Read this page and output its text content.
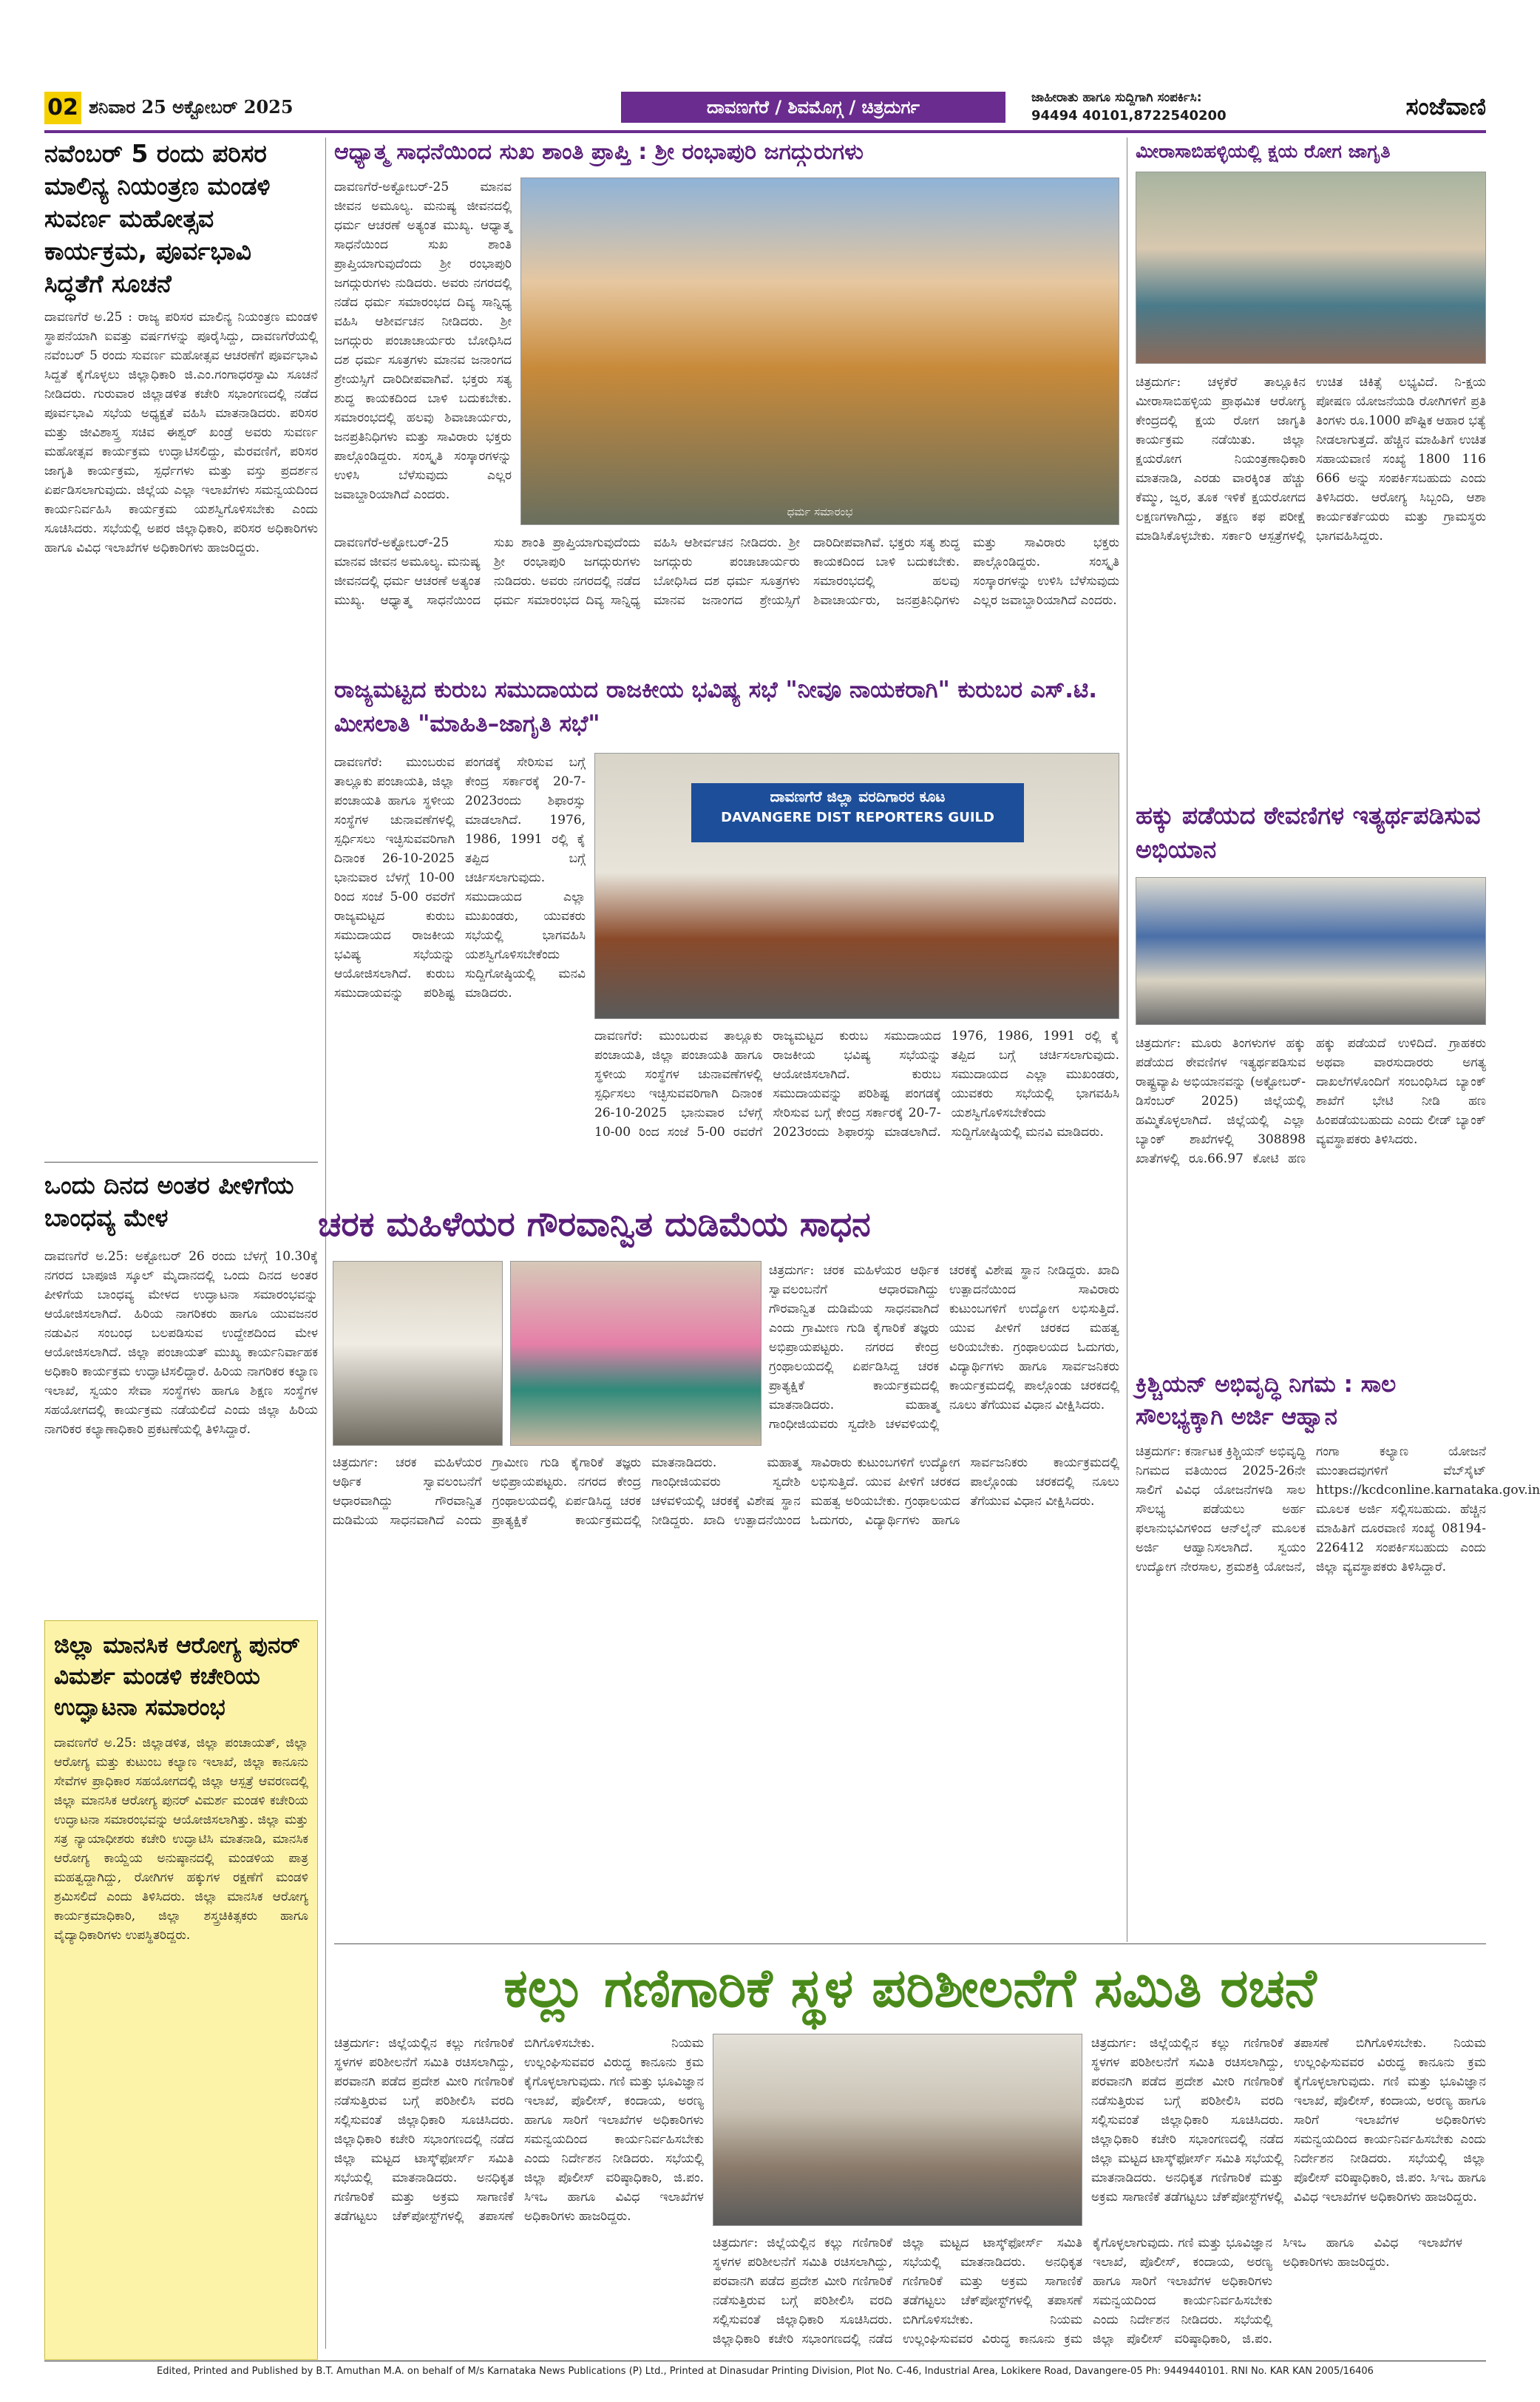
02 ಶನಿವಾರ 25 ಅಕ್ಟೋಬರ್ 2025	ದಾವಣಗೆರೆ / ಶಿವಮೊಗ್ಗ / ಚಿತ್ರದುರ್ಗ	ಜಾಹೀರಾತು ಹಾಗೂ ಸುದ್ದಿಗಾಗಿ ಸಂಪರ್ಕಿಸಿ:
94494 40101,8722540200	ಸಂಜೆವಾಣಿ
ನವೆಂಬರ್ 5 ರಂದು ಪರಿಸರ ಮಾಲಿನ್ಯ ನಿಯಂತ್ರಣ ಮಂಡಳಿ ಸುವರ್ಣ ಮಹೋತ್ಸವ ಕಾರ್ಯಕ್ರಮ, ಪೂರ್ವಭಾವಿ ಸಿದ್ಧತೆಗೆ ಸೂಚನೆ
ದಾವಣಗೆರೆ ಅ.25 : ರಾಜ್ಯ ಪರಿಸರ ಮಾಲಿನ್ಯ ನಿಯಂತ್ರಣ ಮಂಡಳಿ ಸ್ಥಾಪನೆಯಾಗಿ ಐವತ್ತು ವರ್ಷಗಳನ್ನು ಪೂರೈಸಿದ್ದು, ದಾವಣಗೆರೆಯಲ್ಲಿ ನವೆಂಬರ್ 5 ರಂದು ಸುವರ್ಣ ಮಹೋತ್ಸವ ಆಚರಣೆಗೆ ಪೂರ್ವಭಾವಿ ಸಿದ್ದತೆ ಕೈಗೊಳ್ಳಲು ಜಿಲ್ಲಾಧಿಕಾರಿ ಜಿ.ಎಂ.ಗಂಗಾಧರಸ್ವಾಮಿ ಸೂಚನೆ ನೀಡಿದರು. ಗುರುವಾರ ಜಿಲ್ಲಾಡಳಿತ ಕಚೇರಿ ಸಭಾಂಗಣದಲ್ಲಿ ನಡೆದ ಪೂರ್ವಭಾವಿ ಸಭೆಯ ಅಧ್ಯಕ್ಷತೆ ವಹಿಸಿ ಮಾತನಾಡಿದರು. ಪರಿಸರ ಮತ್ತು ಜೀವಿಶಾಸ್ತ್ರ ಸಚಿವ ಈಶ್ವರ್ ಖಂಡ್ರೆ ಅವರು ಸುವರ್ಣ ಮಹೋತ್ಸವ ಕಾರ್ಯಕ್ರಮ ಉದ್ಘಾಟಿಸಲಿದ್ದು, ಮೆರವಣಿಗೆ, ಪರಿಸರ ಜಾಗೃತಿ ಕಾರ್ಯಕ್ರಮ, ಸ್ಪರ್ಧೆಗಳು ಮತ್ತು ವಸ್ತು ಪ್ರದರ್ಶನ ಏರ್ಪಡಿಸಲಾಗುವುದು. ಜಿಲ್ಲೆಯ ಎಲ್ಲಾ ಇಲಾಖೆಗಳು ಸಮನ್ವಯದಿಂದ ಕಾರ್ಯನಿರ್ವಹಿಸಿ ಕಾರ್ಯಕ್ರಮ ಯಶಸ್ವಿಗೊಳಿಸಬೇಕು ಎಂದು ಸೂಚಿಸಿದರು. ಸಭೆಯಲ್ಲಿ ಅಪರ ಜಿಲ್ಲಾಧಿಕಾರಿ, ಪರಿಸರ ಅಧಿಕಾರಿಗಳು ಹಾಗೂ ವಿವಿಧ ಇಲಾಖೆಗಳ ಅಧಿಕಾರಿಗಳು ಹಾಜರಿದ್ದರು.
ಒಂದು ದಿನದ ಅಂತರ ಪೀಳಿಗೆಯ ಬಾಂಧವ್ಯ ಮೇಳ
ದಾವಣಗೆರೆ ಅ.25: ಅಕ್ಟೋಬರ್ 26 ರಂದು ಬೆಳಗ್ಗೆ 10.30ಕ್ಕೆ ನಗರದ ಬಾಪೂಜಿ ಸ್ಕೂಲ್ ಮೈದಾನದಲ್ಲಿ ಒಂದು ದಿನದ ಅಂತರ ಪೀಳಿಗೆಯ ಬಾಂಧವ್ಯ ಮೇಳದ ಉದ್ಘಾಟನಾ ಸಮಾರಂಭವನ್ನು ಆಯೋಜಿಸಲಾಗಿದೆ. ಹಿರಿಯ ನಾಗರಿಕರು ಹಾಗೂ ಯುವಜನರ ನಡುವಿನ ಸಂಬಂಧ ಬಲಪಡಿಸುವ ಉದ್ದೇಶದಿಂದ ಮೇಳ ಆಯೋಜಿಸಲಾಗಿದೆ. ಜಿಲ್ಲಾ ಪಂಚಾಯತ್ ಮುಖ್ಯ ಕಾರ್ಯನಿರ್ವಾಹಕ ಅಧಿಕಾರಿ ಕಾರ್ಯಕ್ರಮ ಉದ್ಘಾಟಿಸಲಿದ್ದಾರೆ. ಹಿರಿಯ ನಾಗರಿಕರ ಕಲ್ಯಾಣ ಇಲಾಖೆ, ಸ್ವಯಂ ಸೇವಾ ಸಂಸ್ಥೆಗಳು ಹಾಗೂ ಶಿಕ್ಷಣ ಸಂಸ್ಥೆಗಳ ಸಹಯೋಗದಲ್ಲಿ ಕಾರ್ಯಕ್ರಮ ನಡೆಯಲಿದೆ ಎಂದು ಜಿಲ್ಲಾ ಹಿರಿಯ ನಾಗರಿಕರ ಕಲ್ಯಾಣಾಧಿಕಾರಿ ಪ್ರಕಟಣೆಯಲ್ಲಿ ತಿಳಿಸಿದ್ದಾರೆ.
ಜಿಲ್ಲಾ ಮಾನಸಿಕ ಆರೋಗ್ಯ ಪುನರ್ ವಿಮರ್ಶ ಮಂಡಳಿ ಕಚೇರಿಯ ಉದ್ಘಾಟನಾ ಸಮಾರಂಭ
ದಾವಣಗೆರೆ ಅ.25: ಜಿಲ್ಲಾಡಳಿತ, ಜಿಲ್ಲಾ ಪಂಚಾಯತ್, ಜಿಲ್ಲಾ ಆರೋಗ್ಯ ಮತ್ತು ಕುಟುಂಬ ಕಲ್ಯಾಣ ಇಲಾಖೆ, ಜಿಲ್ಲಾ ಕಾನೂನು ಸೇವೆಗಳ ಪ್ರಾಧಿಕಾರ ಸಹಯೋಗದಲ್ಲಿ ಜಿಲ್ಲಾ ಆಸ್ಪತ್ರೆ ಆವರಣದಲ್ಲಿ ಜಿಲ್ಲಾ ಮಾನಸಿಕ ಆರೋಗ್ಯ ಪುನರ್ ವಿಮರ್ಶ ಮಂಡಳಿ ಕಚೇರಿಯ ಉದ್ಘಾಟನಾ ಸಮಾರಂಭವನ್ನು ಆಯೋಜಿಸಲಾಗಿತ್ತು. ಜಿಲ್ಲಾ ಮತ್ತು ಸತ್ರ ನ್ಯಾಯಾಧೀಶರು ಕಚೇರಿ ಉದ್ಘಾಟಿಸಿ ಮಾತನಾಡಿ, ಮಾನಸಿಕ ಆರೋಗ್ಯ ಕಾಯ್ದೆಯ ಅನುಷ್ಠಾನದಲ್ಲಿ ಮಂಡಳಿಯ ಪಾತ್ರ ಮಹತ್ವದ್ದಾಗಿದ್ದು, ರೋಗಿಗಳ ಹಕ್ಕುಗಳ ರಕ್ಷಣೆಗೆ ಮಂಡಳಿ ಶ್ರಮಿಸಲಿದೆ ಎಂದು ತಿಳಿಸಿದರು. ಜಿಲ್ಲಾ ಮಾನಸಿಕ ಆರೋಗ್ಯ ಕಾರ್ಯಕ್ರಮಾಧಿಕಾರಿ, ಜಿಲ್ಲಾ ಶಸ್ತ್ರಚಿಕಿತ್ಸಕರು ಹಾಗೂ ವೈದ್ಯಾಧಿಕಾರಿಗಳು ಉಪಸ್ಥಿತರಿದ್ದರು.
ಆಧ್ಯಾತ್ಮ ಸಾಧನೆಯಿಂದ ಸುಖ ಶಾಂತಿ ಪ್ರಾಪ್ತಿ : ಶ್ರೀ ರಂಭಾಪುರಿ ಜಗದ್ಗುರುಗಳು
ದಾವಣಗೆರೆ-ಅಕ್ಟೋಬರ್-25 ಮಾನವ ಜೀವನ ಅಮೂಲ್ಯ. ಮನುಷ್ಯ ಜೀವನದಲ್ಲಿ ಧರ್ಮ ಆಚರಣೆ ಅತ್ಯಂತ ಮುಖ್ಯ. ಆಧ್ಯಾತ್ಮ ಸಾಧನೆಯಿಂದ ಸುಖ ಶಾಂತಿ ಪ್ರಾಪ್ತಿಯಾಗುವುದೆಂದು ಶ್ರೀ ರಂಭಾಪುರಿ ಜಗದ್ಗುರುಗಳು ನುಡಿದರು. ಅವರು ನಗರದಲ್ಲಿ ನಡೆದ ಧರ್ಮ ಸಮಾರಂಭದ ದಿವ್ಯ ಸಾನ್ನಿಧ್ಯ ವಹಿಸಿ ಆಶೀರ್ವಚನ ನೀಡಿದರು. ಶ್ರೀ ಜಗದ್ಗುರು ಪಂಚಾಚಾರ್ಯರು ಬೋಧಿಸಿದ ದಶ ಧರ್ಮ ಸೂತ್ರಗಳು ಮಾನವ ಜನಾಂಗದ ಶ್ರೇಯಸ್ಸಿಗೆ ದಾರಿದೀಪವಾಗಿವೆ. ಭಕ್ತರು ಸತ್ಯ ಶುದ್ಧ ಕಾಯಕದಿಂದ ಬಾಳಿ ಬದುಕಬೇಕು. ಸಮಾರಂಭದಲ್ಲಿ ಹಲವು ಶಿವಾಚಾರ್ಯರು, ಜನಪ್ರತಿನಿಧಿಗಳು ಮತ್ತು ಸಾವಿರಾರು ಭಕ್ತರು ಪಾಲ್ಗೊಂಡಿದ್ದರು. ಸಂಸ್ಕೃತಿ ಸಂಸ್ಕಾರಗಳನ್ನು ಉಳಿಸಿ ಬೆಳೆಸುವುದು ಎಲ್ಲರ ಜವಾಬ್ದಾರಿಯಾಗಿದೆ ಎಂದರು.
ಧರ್ಮ ಸಮಾರಂಭ
ದಾವಣಗೆರೆ-ಅಕ್ಟೋಬರ್-25 ಮಾನವ ಜೀವನ ಅಮೂಲ್ಯ. ಮನುಷ್ಯ ಜೀವನದಲ್ಲಿ ಧರ್ಮ ಆಚರಣೆ ಅತ್ಯಂತ ಮುಖ್ಯ. ಆಧ್ಯಾತ್ಮ ಸಾಧನೆಯಿಂದ ಸುಖ ಶಾಂತಿ ಪ್ರಾಪ್ತಿಯಾಗುವುದೆಂದು ಶ್ರೀ ರಂಭಾಪುರಿ ಜಗದ್ಗುರುಗಳು ನುಡಿದರು. ಅವರು ನಗರದಲ್ಲಿ ನಡೆದ ಧರ್ಮ ಸಮಾರಂಭದ ದಿವ್ಯ ಸಾನ್ನಿಧ್ಯ ವಹಿಸಿ ಆಶೀರ್ವಚನ ನೀಡಿದರು. ಶ್ರೀ ಜಗದ್ಗುರು ಪಂಚಾಚಾರ್ಯರು ಬೋಧಿಸಿದ ದಶ ಧರ್ಮ ಸೂತ್ರಗಳು ಮಾನವ ಜನಾಂಗದ ಶ್ರೇಯಸ್ಸಿಗೆ ದಾರಿದೀಪವಾಗಿವೆ. ಭಕ್ತರು ಸತ್ಯ ಶುದ್ಧ ಕಾಯಕದಿಂದ ಬಾಳಿ ಬದುಕಬೇಕು. ಸಮಾರಂಭದಲ್ಲಿ ಹಲವು ಶಿವಾಚಾರ್ಯರು, ಜನಪ್ರತಿನಿಧಿಗಳು ಮತ್ತು ಸಾವಿರಾರು ಭಕ್ತರು ಪಾಲ್ಗೊಂಡಿದ್ದರು. ಸಂಸ್ಕೃತಿ ಸಂಸ್ಕಾರಗಳನ್ನು ಉಳಿಸಿ ಬೆಳೆಸುವುದು ಎಲ್ಲರ ಜವಾಬ್ದಾರಿಯಾಗಿದೆ ಎಂದರು.
ರಾಜ್ಯಮಟ್ಟದ ಕುರುಬ ಸಮುದಾಯದ ರಾಜಕೀಯ ಭವಿಷ್ಯ ಸಭೆ "ನೀವೂ ನಾಯಕರಾಗಿ" ಕುರುಬರ ಎಸ್.ಟಿ. ಮೀಸಲಾತಿ "ಮಾಹಿತಿ–ಜಾಗೃತಿ ಸಭೆ"
ದಾವಣಗೆರೆ: ಮುಂಬರುವ ತಾಲ್ಲೂಕು ಪಂಚಾಯತಿ, ಜಿಲ್ಲಾ ಪಂಚಾಯತಿ ಹಾಗೂ ಸ್ಥಳೀಯ ಸಂಸ್ಥೆಗಳ ಚುನಾವಣೆಗಳಲ್ಲಿ ಸ್ಪರ್ಧಿಸಲು ಇಚ್ಛಿಸುವವರಿಗಾಗಿ ದಿನಾಂಕ 26-10-2025 ಭಾನುವಾರ ಬೆಳಗ್ಗೆ 10-00 ರಿಂದ ಸಂಜೆ 5-00 ರವರೆಗೆ ರಾಜ್ಯಮಟ್ಟದ ಕುರುಬ ಸಮುದಾಯದ ರಾಜಕೀಯ ಭವಿಷ್ಯ ಸಭೆಯನ್ನು ಆಯೋಜಿಸಲಾಗಿದೆ. ಕುರುಬ ಸಮುದಾಯವನ್ನು ಪರಿಶಿಷ್ಟ ಪಂಗಡಕ್ಕೆ ಸೇರಿಸುವ ಬಗ್ಗೆ ಕೇಂದ್ರ ಸರ್ಕಾರಕ್ಕೆ 20-7-2023ರಂದು ಶಿಫಾರಸ್ಸು ಮಾಡಲಾಗಿದೆ. 1976, 1986, 1991 ರಲ್ಲಿ ಕೈ ತಪ್ಪಿದ ಬಗ್ಗೆ ಚರ್ಚಿಸಲಾಗುವುದು. ಸಮುದಾಯದ ಎಲ್ಲಾ ಮುಖಂಡರು, ಯುವಕರು ಸಭೆಯಲ್ಲಿ ಭಾಗವಹಿಸಿ ಯಶಸ್ವಿಗೊಳಿಸಬೇಕೆಂದು ಸುದ್ದಿಗೋಷ್ಠಿಯಲ್ಲಿ ಮನವಿ ಮಾಡಿದರು.
ದಾವಣಗೆರೆ ಜಿಲ್ಲಾ ವರದಿಗಾರರ ಕೂಟ
DAVANGERE DIST REPORTERS GUILD
ದಾವಣಗೆರೆ: ಮುಂಬರುವ ತಾಲ್ಲೂಕು ಪಂಚಾಯತಿ, ಜಿಲ್ಲಾ ಪಂಚಾಯತಿ ಹಾಗೂ ಸ್ಥಳೀಯ ಸಂಸ್ಥೆಗಳ ಚುನಾವಣೆಗಳಲ್ಲಿ ಸ್ಪರ್ಧಿಸಲು ಇಚ್ಛಿಸುವವರಿಗಾಗಿ ದಿನಾಂಕ 26-10-2025 ಭಾನುವಾರ ಬೆಳಗ್ಗೆ 10-00 ರಿಂದ ಸಂಜೆ 5-00 ರವರೆಗೆ ರಾಜ್ಯಮಟ್ಟದ ಕುರುಬ ಸಮುದಾಯದ ರಾಜಕೀಯ ಭವಿಷ್ಯ ಸಭೆಯನ್ನು ಆಯೋಜಿಸಲಾಗಿದೆ. ಕುರುಬ ಸಮುದಾಯವನ್ನು ಪರಿಶಿಷ್ಟ ಪಂಗಡಕ್ಕೆ ಸೇರಿಸುವ ಬಗ್ಗೆ ಕೇಂದ್ರ ಸರ್ಕಾರಕ್ಕೆ 20-7-2023ರಂದು ಶಿಫಾರಸ್ಸು ಮಾಡಲಾಗಿದೆ. 1976, 1986, 1991 ರಲ್ಲಿ ಕೈ ತಪ್ಪಿದ ಬಗ್ಗೆ ಚರ್ಚಿಸಲಾಗುವುದು. ಸಮುದಾಯದ ಎಲ್ಲಾ ಮುಖಂಡರು, ಯುವಕರು ಸಭೆಯಲ್ಲಿ ಭಾಗವಹಿಸಿ ಯಶಸ್ವಿಗೊಳಿಸಬೇಕೆಂದು ಸುದ್ದಿಗೋಷ್ಠಿಯಲ್ಲಿ ಮನವಿ ಮಾಡಿದರು.
ಚರಕ ಮಹಿಳೆಯರ ಗೌರವಾನ್ವಿತ ದುಡಿಮೆಯ ಸಾಧನ
ಚಿತ್ರದುರ್ಗ: ಚರಕ ಮಹಿಳೆಯರ ಆರ್ಥಿಕ ಸ್ವಾವಲಂಬನೆಗೆ ಆಧಾರವಾಗಿದ್ದು ಗೌರವಾನ್ವಿತ ದುಡಿಮೆಯ ಸಾಧನವಾಗಿದೆ ಎಂದು ಗ್ರಾಮೀಣ ಗುಡಿ ಕೈಗಾರಿಕೆ ತಜ್ಞರು ಅಭಿಪ್ರಾಯಪಟ್ಟರು. ನಗರದ ಕೇಂದ್ರ ಗ್ರಂಥಾಲಯದಲ್ಲಿ ಏರ್ಪಡಿಸಿದ್ದ ಚರಕ ಪ್ರಾತ್ಯಕ್ಷಿಕೆ ಕಾರ್ಯಕ್ರಮದಲ್ಲಿ ಮಾತನಾಡಿದರು. ಮಹಾತ್ಮ ಗಾಂಧೀಜಿಯವರು ಸ್ವದೇಶಿ ಚಳವಳಿಯಲ್ಲಿ ಚರಕಕ್ಕೆ ವಿಶೇಷ ಸ್ಥಾನ ನೀಡಿದ್ದರು. ಖಾದಿ ಉತ್ಪಾದನೆಯಿಂದ ಸಾವಿರಾರು ಕುಟುಂಬಗಳಿಗೆ ಉದ್ಯೋಗ ಲಭಿಸುತ್ತಿದೆ. ಯುವ ಪೀಳಿಗೆ ಚರಕದ ಮಹತ್ವ ಅರಿಯಬೇಕು. ಗ್ರಂಥಾಲಯದ ಓದುಗರು, ವಿದ್ಯಾರ್ಥಿಗಳು ಹಾಗೂ ಸಾರ್ವಜನಿಕರು ಕಾರ್ಯಕ್ರಮದಲ್ಲಿ ಪಾಲ್ಗೊಂಡು ಚರಕದಲ್ಲಿ ನೂಲು ತೆಗೆಯುವ ವಿಧಾನ ವೀಕ್ಷಿಸಿದರು.
ಚಿತ್ರದುರ್ಗ: ಚರಕ ಮಹಿಳೆಯರ ಆರ್ಥಿಕ ಸ್ವಾವಲಂಬನೆಗೆ ಆಧಾರವಾಗಿದ್ದು ಗೌರವಾನ್ವಿತ ದುಡಿಮೆಯ ಸಾಧನವಾಗಿದೆ ಎಂದು ಗ್ರಾಮೀಣ ಗುಡಿ ಕೈಗಾರಿಕೆ ತಜ್ಞರು ಅಭಿಪ್ರಾಯಪಟ್ಟರು. ನಗರದ ಕೇಂದ್ರ ಗ್ರಂಥಾಲಯದಲ್ಲಿ ಏರ್ಪಡಿಸಿದ್ದ ಚರಕ ಪ್ರಾತ್ಯಕ್ಷಿಕೆ ಕಾರ್ಯಕ್ರಮದಲ್ಲಿ ಮಾತನಾಡಿದರು. ಮಹಾತ್ಮ ಗಾಂಧೀಜಿಯವರು ಸ್ವದೇಶಿ ಚಳವಳಿಯಲ್ಲಿ ಚರಕಕ್ಕೆ ವಿಶೇಷ ಸ್ಥಾನ ನೀಡಿದ್ದರು. ಖಾದಿ ಉತ್ಪಾದನೆಯಿಂದ ಸಾವಿರಾರು ಕುಟುಂಬಗಳಿಗೆ ಉದ್ಯೋಗ ಲಭಿಸುತ್ತಿದೆ. ಯುವ ಪೀಳಿಗೆ ಚರಕದ ಮಹತ್ವ ಅರಿಯಬೇಕು. ಗ್ರಂಥಾಲಯದ ಓದುಗರು, ವಿದ್ಯಾರ್ಥಿಗಳು ಹಾಗೂ ಸಾರ್ವಜನಿಕರು ಕಾರ್ಯಕ್ರಮದಲ್ಲಿ ಪಾಲ್ಗೊಂಡು ಚರಕದಲ್ಲಿ ನೂಲು ತೆಗೆಯುವ ವಿಧಾನ ವೀಕ್ಷಿಸಿದರು.
ಮೀರಾಸಾಬಿಹಳ್ಳಿಯಲ್ಲಿ ಕ್ಷಯ ರೋಗ ಜಾಗೃತಿ
ಚಿತ್ರದುರ್ಗ: ಚಳ್ಳಕೆರೆ ತಾಲ್ಲೂಕಿನ ಮೀರಾಸಾಬಿಹಳ್ಳಿಯ ಪ್ರಾಥಮಿಕ ಆರೋಗ್ಯ ಕೇಂದ್ರದಲ್ಲಿ ಕ್ಷಯ ರೋಗ ಜಾಗೃತಿ ಕಾರ್ಯಕ್ರಮ ನಡೆಯಿತು. ಜಿಲ್ಲಾ ಕ್ಷಯರೋಗ ನಿಯಂತ್ರಣಾಧಿಕಾರಿ ಮಾತನಾಡಿ, ಎರಡು ವಾರಕ್ಕಿಂತ ಹೆಚ್ಚು ಕೆಮ್ಮು, ಜ್ವರ, ತೂಕ ಇಳಿಕೆ ಕ್ಷಯರೋಗದ ಲಕ್ಷಣಗಳಾಗಿದ್ದು, ತಕ್ಷಣ ಕಫ ಪರೀಕ್ಷೆ ಮಾಡಿಸಿಕೊಳ್ಳಬೇಕು. ಸರ್ಕಾರಿ ಆಸ್ಪತ್ರೆಗಳಲ್ಲಿ ಉಚಿತ ಚಿಕಿತ್ಸೆ ಲಭ್ಯವಿದೆ. ನಿ-ಕ್ಷಯ ಪೋಷಣ ಯೋಜನೆಯಡಿ ರೋಗಿಗಳಿಗೆ ಪ್ರತಿ ತಿಂಗಳು ರೂ.1000 ಪೌಷ್ಟಿಕ ಆಹಾರ ಭತ್ಯೆ ನೀಡಲಾಗುತ್ತದೆ. ಹೆಚ್ಚಿನ ಮಾಹಿತಿಗೆ ಉಚಿತ ಸಹಾಯವಾಣಿ ಸಂಖ್ಯೆ 1800 116 666 ಅನ್ನು ಸಂಪರ್ಕಿಸಬಹುದು ಎಂದು ತಿಳಿಸಿದರು. ಆರೋಗ್ಯ ಸಿಬ್ಬಂದಿ, ಆಶಾ ಕಾರ್ಯಕರ್ತೆಯರು ಮತ್ತು ಗ್ರಾಮಸ್ಥರು ಭಾಗವಹಿಸಿದ್ದರು.
ಹಕ್ಕು ಪಡೆಯದ ಠೇವಣಿಗಳ ಇತ್ಯರ್ಥಪಡಿಸುವ ಅಭಿಯಾನ
ಚಿತ್ರದುರ್ಗ: ಮೂರು ತಿಂಗಳುಗಳ ಹಕ್ಕು ಪಡೆಯದ ಠೇವಣಿಗಳ ಇತ್ಯರ್ಥಪಡಿಸುವ ರಾಷ್ಟ್ರವ್ಯಾಪಿ ಅಭಿಯಾನವನ್ನು (ಅಕ್ಟೋಬರ್-ಡಿಸೆಂಬರ್ 2025) ಜಿಲ್ಲೆಯಲ್ಲಿ ಹಮ್ಮಿಕೊಳ್ಳಲಾಗಿದೆ. ಜಿಲ್ಲೆಯಲ್ಲಿ ಎಲ್ಲಾ ಬ್ಯಾಂಕ್ ಶಾಖೆಗಳಲ್ಲಿ 308898 ಖಾತೆಗಳಲ್ಲಿ ರೂ.66.97 ಕೋಟಿ ಹಣ ಹಕ್ಕು ಪಡೆಯದೆ ಉಳಿದಿದೆ. ಗ್ರಾಹಕರು ಅಥವಾ ವಾರಸುದಾರರು ಅಗತ್ಯ ದಾಖಲೆಗಳೊಂದಿಗೆ ಸಂಬಂಧಿಸಿದ ಬ್ಯಾಂಕ್ ಶಾಖೆಗೆ ಭೇಟಿ ನೀಡಿ ಹಣ ಹಿಂಪಡೆಯಬಹುದು ಎಂದು ಲೀಡ್ ಬ್ಯಾಂಕ್ ವ್ಯವಸ್ಥಾಪಕರು ತಿಳಿಸಿದರು.
ಕ್ರಿಶ್ಚಿಯನ್ ಅಭಿವೃದ್ಧಿ ನಿಗಮ : ಸಾಲ ಸೌಲಭ್ಯಕ್ಕಾಗಿ ಅರ್ಜಿ ಆಹ್ವಾನ
ಚಿತ್ರದುರ್ಗ: ಕರ್ನಾಟಕ ಕ್ರಿಶ್ಚಿಯನ್ ಅಭಿವೃದ್ಧಿ ನಿಗಮದ ವತಿಯಿಂದ 2025-26ನೇ ಸಾಲಿಗೆ ವಿವಿಧ ಯೋಜನೆಗಳಡಿ ಸಾಲ ಸೌಲಭ್ಯ ಪಡೆಯಲು ಅರ್ಹ ಫಲಾನುಭವಿಗಳಿಂದ ಆನ್‌ಲೈನ್ ಮೂಲಕ ಅರ್ಜಿ ಆಹ್ವಾನಿಸಲಾಗಿದೆ. ಸ್ವಯಂ ಉದ್ಯೋಗ ನೇರಸಾಲ, ಶ್ರಮಶಕ್ತಿ ಯೋಜನೆ, ಗಂಗಾ ಕಲ್ಯಾಣ ಯೋಜನೆ ಮುಂತಾದವುಗಳಿಗೆ ವೆಬ್‌ಸೈಟ್ https://kcdconline.karnataka.gov.in ಮೂಲಕ ಅರ್ಜಿ ಸಲ್ಲಿಸಬಹುದು. ಹೆಚ್ಚಿನ ಮಾಹಿತಿಗೆ ದೂರವಾಣಿ ಸಂಖ್ಯೆ 08194-226412 ಸಂಪರ್ಕಿಸಬಹುದು ಎಂದು ಜಿಲ್ಲಾ ವ್ಯವಸ್ಥಾಪಕರು ತಿಳಿಸಿದ್ದಾರೆ.
ಕಲ್ಲು ಗಣಿಗಾರಿಕೆ ಸ್ಥಳ ಪರಿಶೀಲನೆಗೆ ಸಮಿತಿ ರಚನೆ
ಚಿತ್ರದುರ್ಗ: ಜಿಲ್ಲೆಯಲ್ಲಿನ ಕಲ್ಲು ಗಣಿಗಾರಿಕೆ ಸ್ಥಳಗಳ ಪರಿಶೀಲನೆಗೆ ಸಮಿತಿ ರಚಿಸಲಾಗಿದ್ದು, ಪರವಾನಗಿ ಪಡೆದ ಪ್ರದೇಶ ಮೀರಿ ಗಣಿಗಾರಿಕೆ ನಡೆಸುತ್ತಿರುವ ಬಗ್ಗೆ ಪರಿಶೀಲಿಸಿ ವರದಿ ಸಲ್ಲಿಸುವಂತೆ ಜಿಲ್ಲಾಧಿಕಾರಿ ಸೂಚಿಸಿದರು. ಜಿಲ್ಲಾಧಿಕಾರಿ ಕಚೇರಿ ಸಭಾಂಗಣದಲ್ಲಿ ನಡೆದ ಜಿಲ್ಲಾ ಮಟ್ಟದ ಟಾಸ್ಕ್‌ಫೋರ್ಸ್ ಸಮಿತಿ ಸಭೆಯಲ್ಲಿ ಮಾತನಾಡಿದರು. ಅನಧಿಕೃತ ಗಣಿಗಾರಿಕೆ ಮತ್ತು ಅಕ್ರಮ ಸಾಗಾಣಿಕೆ ತಡೆಗಟ್ಟಲು ಚೆಕ್‌ಪೋಸ್ಟ್‌ಗಳಲ್ಲಿ ತಪಾಸಣೆ ಬಿಗಿಗೊಳಿಸಬೇಕು. ನಿಯಮ ಉಲ್ಲಂಘಿಸುವವರ ವಿರುದ್ಧ ಕಾನೂನು ಕ್ರಮ ಕೈಗೊಳ್ಳಲಾಗುವುದು. ಗಣಿ ಮತ್ತು ಭೂವಿಜ್ಞಾನ ಇಲಾಖೆ, ಪೊಲೀಸ್, ಕಂದಾಯ, ಅರಣ್ಯ ಹಾಗೂ ಸಾರಿಗೆ ಇಲಾಖೆಗಳ ಅಧಿಕಾರಿಗಳು ಸಮನ್ವಯದಿಂದ ಕಾರ್ಯನಿರ್ವಹಿಸಬೇಕು ಎಂದು ನಿರ್ದೇಶನ ನೀಡಿದರು. ಸಭೆಯಲ್ಲಿ ಜಿಲ್ಲಾ ಪೊಲೀಸ್ ವರಿಷ್ಠಾಧಿಕಾರಿ, ಜಿ.ಪಂ. ಸಿಇಒ ಹಾಗೂ ವಿವಿಧ ಇಲಾಖೆಗಳ ಅಧಿಕಾರಿಗಳು ಹಾಜರಿದ್ದರು.
ಚಿತ್ರದುರ್ಗ: ಜಿಲ್ಲೆಯಲ್ಲಿನ ಕಲ್ಲು ಗಣಿಗಾರಿಕೆ ಸ್ಥಳಗಳ ಪರಿಶೀಲನೆಗೆ ಸಮಿತಿ ರಚಿಸಲಾಗಿದ್ದು, ಪರವಾನಗಿ ಪಡೆದ ಪ್ರದೇಶ ಮೀರಿ ಗಣಿಗಾರಿಕೆ ನಡೆಸುತ್ತಿರುವ ಬಗ್ಗೆ ಪರಿಶೀಲಿಸಿ ವರದಿ ಸಲ್ಲಿಸುವಂತೆ ಜಿಲ್ಲಾಧಿಕಾರಿ ಸೂಚಿಸಿದರು. ಜಿಲ್ಲಾಧಿಕಾರಿ ಕಚೇರಿ ಸಭಾಂಗಣದಲ್ಲಿ ನಡೆದ ಜಿಲ್ಲಾ ಮಟ್ಟದ ಟಾಸ್ಕ್‌ಫೋರ್ಸ್ ಸಮಿತಿ ಸಭೆಯಲ್ಲಿ ಮಾತನಾಡಿದರು. ಅನಧಿಕೃತ ಗಣಿಗಾರಿಕೆ ಮತ್ತು ಅಕ್ರಮ ಸಾಗಾಣಿಕೆ ತಡೆಗಟ್ಟಲು ಚೆಕ್‌ಪೋಸ್ಟ್‌ಗಳಲ್ಲಿ ತಪಾಸಣೆ ಬಿಗಿಗೊಳಿಸಬೇಕು. ನಿಯಮ ಉಲ್ಲಂಘಿಸುವವರ ವಿರುದ್ಧ ಕಾನೂನು ಕ್ರಮ ಕೈಗೊಳ್ಳಲಾಗುವುದು. ಗಣಿ ಮತ್ತು ಭೂವಿಜ್ಞಾನ ಇಲಾಖೆ, ಪೊಲೀಸ್, ಕಂದಾಯ, ಅರಣ್ಯ ಹಾಗೂ ಸಾರಿಗೆ ಇಲಾಖೆಗಳ ಅಧಿಕಾರಿಗಳು ಸಮನ್ವಯದಿಂದ ಕಾರ್ಯನಿರ್ವಹಿಸಬೇಕು ಎಂದು ನಿರ್ದೇಶನ ನೀಡಿದರು. ಸಭೆಯಲ್ಲಿ ಜಿಲ್ಲಾ ಪೊಲೀಸ್ ವರಿಷ್ಠಾಧಿಕಾರಿ, ಜಿ.ಪಂ. ಸಿಇಒ ಹಾಗೂ ವಿವಿಧ ಇಲಾಖೆಗಳ ಅಧಿಕಾರಿಗಳು ಹಾಜರಿದ್ದರು.
ಚಿತ್ರದುರ್ಗ: ಜಿಲ್ಲೆಯಲ್ಲಿನ ಕಲ್ಲು ಗಣಿಗಾರಿಕೆ ಸ್ಥಳಗಳ ಪರಿಶೀಲನೆಗೆ ಸಮಿತಿ ರಚಿಸಲಾಗಿದ್ದು, ಪರವಾನಗಿ ಪಡೆದ ಪ್ರದೇಶ ಮೀರಿ ಗಣಿಗಾರಿಕೆ ನಡೆಸುತ್ತಿರುವ ಬಗ್ಗೆ ಪರಿಶೀಲಿಸಿ ವರದಿ ಸಲ್ಲಿಸುವಂತೆ ಜಿಲ್ಲಾಧಿಕಾರಿ ಸೂಚಿಸಿದರು. ಜಿಲ್ಲಾಧಿಕಾರಿ ಕಚೇರಿ ಸಭಾಂಗಣದಲ್ಲಿ ನಡೆದ ಜಿಲ್ಲಾ ಮಟ್ಟದ ಟಾಸ್ಕ್‌ಫೋರ್ಸ್ ಸಮಿತಿ ಸಭೆಯಲ್ಲಿ ಮಾತನಾಡಿದರು. ಅನಧಿಕೃತ ಗಣಿಗಾರಿಕೆ ಮತ್ತು ಅಕ್ರಮ ಸಾಗಾಣಿಕೆ ತಡೆಗಟ್ಟಲು ಚೆಕ್‌ಪೋಸ್ಟ್‌ಗಳಲ್ಲಿ ತಪಾಸಣೆ ಬಿಗಿಗೊಳಿಸಬೇಕು. ನಿಯಮ ಉಲ್ಲಂಘಿಸುವವರ ವಿರುದ್ಧ ಕಾನೂನು ಕ್ರಮ ಕೈಗೊಳ್ಳಲಾಗುವುದು. ಗಣಿ ಮತ್ತು ಭೂವಿಜ್ಞಾನ ಇಲಾಖೆ, ಪೊಲೀಸ್, ಕಂದಾಯ, ಅರಣ್ಯ ಹಾಗೂ ಸಾರಿಗೆ ಇಲಾಖೆಗಳ ಅಧಿಕಾರಿಗಳು ಸಮನ್ವಯದಿಂದ ಕಾರ್ಯನಿರ್ವಹಿಸಬೇಕು ಎಂದು ನಿರ್ದೇಶನ ನೀಡಿದರು. ಸಭೆಯಲ್ಲಿ ಜಿಲ್ಲಾ ಪೊಲೀಸ್ ವರಿಷ್ಠಾಧಿಕಾರಿ, ಜಿ.ಪಂ. ಸಿಇಒ ಹಾಗೂ ವಿವಿಧ ಇಲಾಖೆಗಳ ಅಧಿಕಾರಿಗಳು ಹಾಜರಿದ್ದರು.
Edited, Printed and Published by B.T. Amuthan M.A. on behalf of M/s Karnataka News Publications (P) Ltd., Printed at Dinasudar Printing Division, Plot No. C-46, Industrial Area, Lokikere Road, Davangere-05 Ph: 9449440101. RNI No. KAR KAN 2005/16406
